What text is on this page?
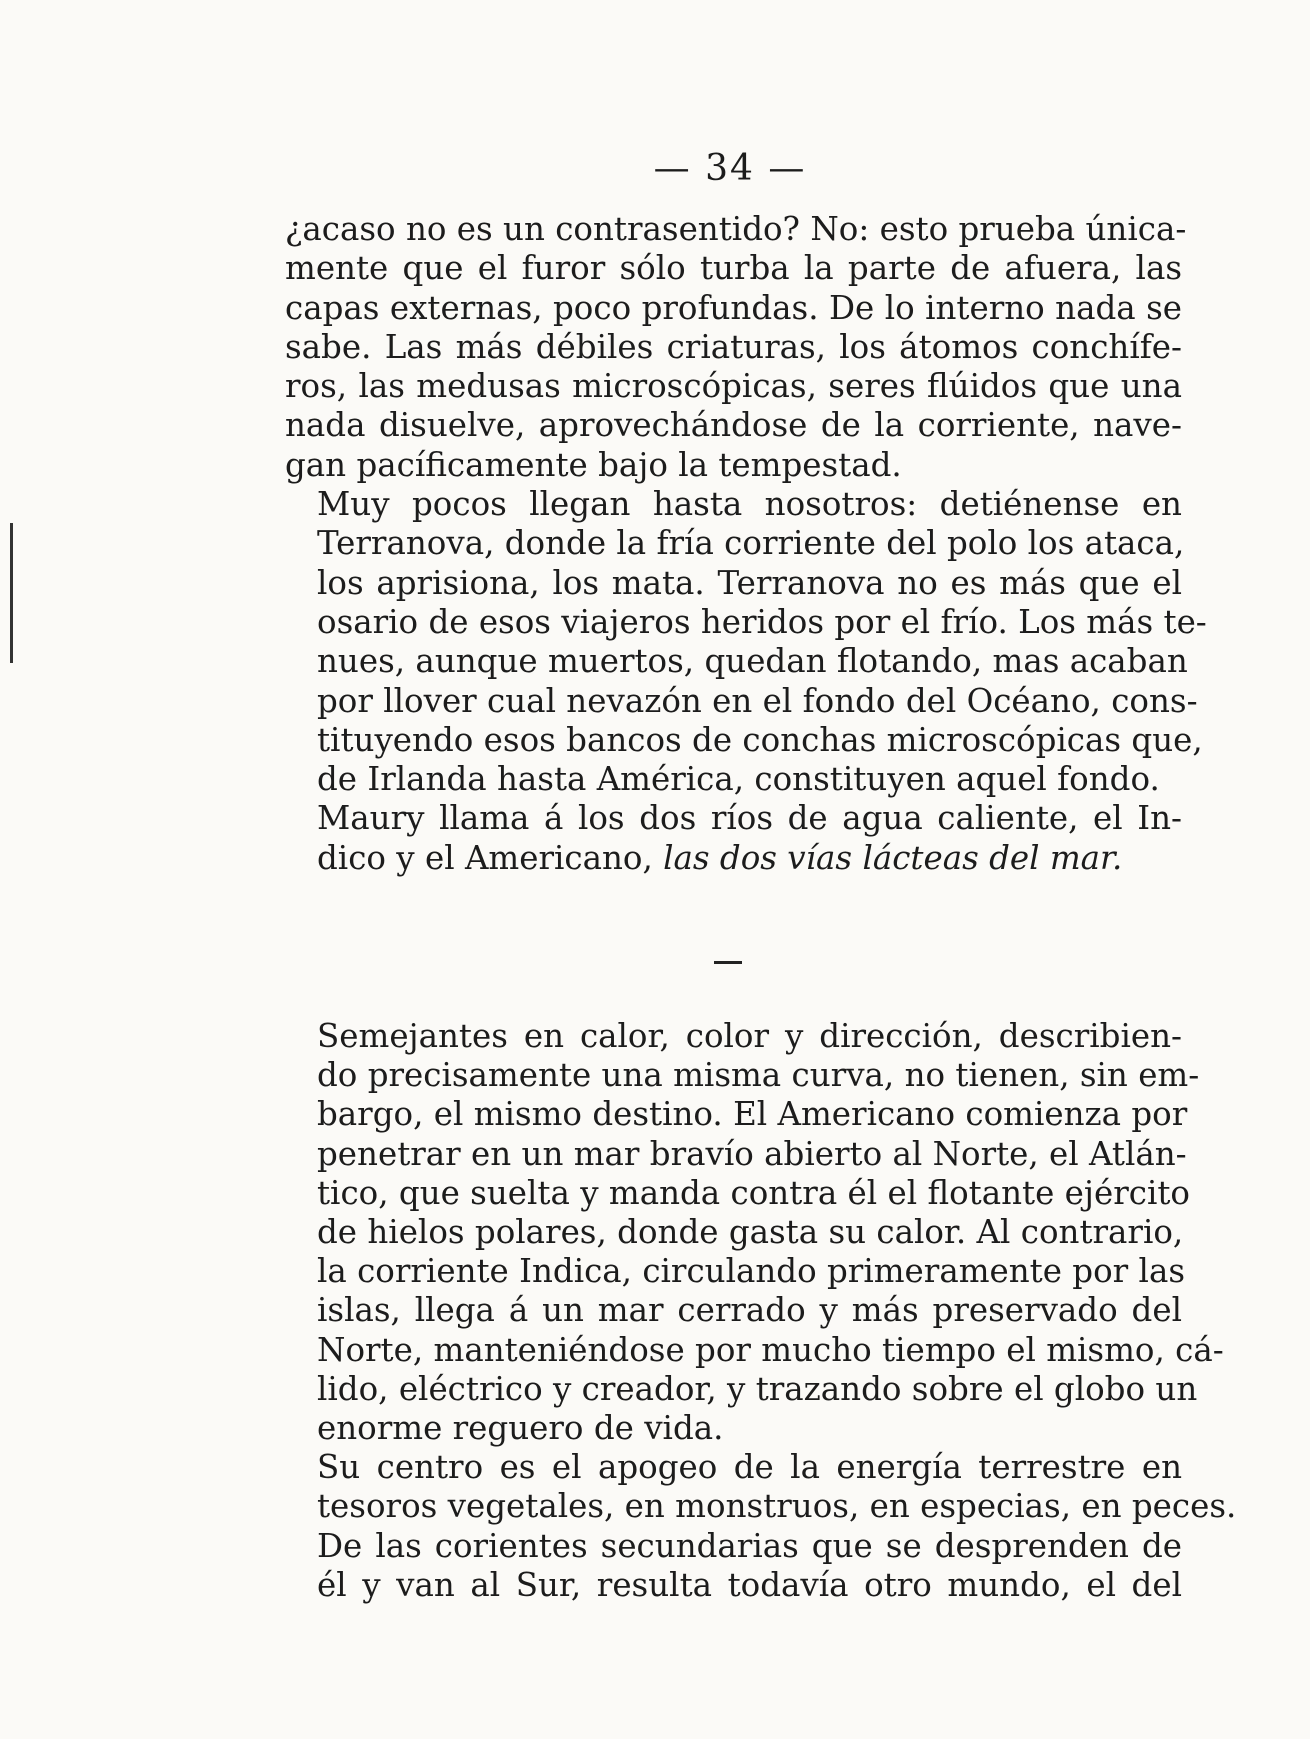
— 34 —

¿acaso no es un contrasentido? No: esto prueba única-
mente que el furor sólo turba la parte de afuera, las
capas externas, poco profundas. De lo interno nada se
sabe. Las más débiles criaturas, los átomos conchífe-
ros, las medusas microscópicas, seres flúidos que una
nada disuelve, aprovechándose de la corriente, nave-
gan pacíficamente bajo la tempestad.

Muy pocos llegan hasta nosotros: detiénense en
Terranova, donde la fría corriente del polo los ataca,
los aprisiona, los mata. Terranova no es más que el
osario de esos viajeros heridos por el frío. Los más te-
nues, aunque muertos, quedan flotando, mas acaban
por llover cual nevazón en el fondo del Océano, cons-
tituyendo esos bancos de conchas microscópicas que,
de Irlanda hasta América, constituyen aquel fondo.

Maury llama á los dos ríos de agua caliente, el In-
dico y el Americano, las dos vías lácteas del mar.

Semejantes en calor, color y dirección, describien-
do precisamente una misma curva, no tienen, sin em-
bargo, el mismo destino. El Americano comienza por
penetrar en un mar bravío abierto al Norte, el Atlán-
tico, que suelta y manda contra él el flotante ejército
de hielos polares, donde gasta su calor. Al contrario,
la corriente Indica, circulando primeramente por las
islas, llega á un mar cerrado y más preservado del
Norte, manteniéndose por mucho tiempo el mismo, cá-
lido, eléctrico y creador, y trazando sobre el globo un
enorme reguero de vida.

Su centro es el apogeo de la energía terrestre en
tesoros vegetales, en monstruos, en especias, en peces.
De las corientes secundarias que se desprenden de
él y van al Sur, resulta todavía otro mundo, el del
